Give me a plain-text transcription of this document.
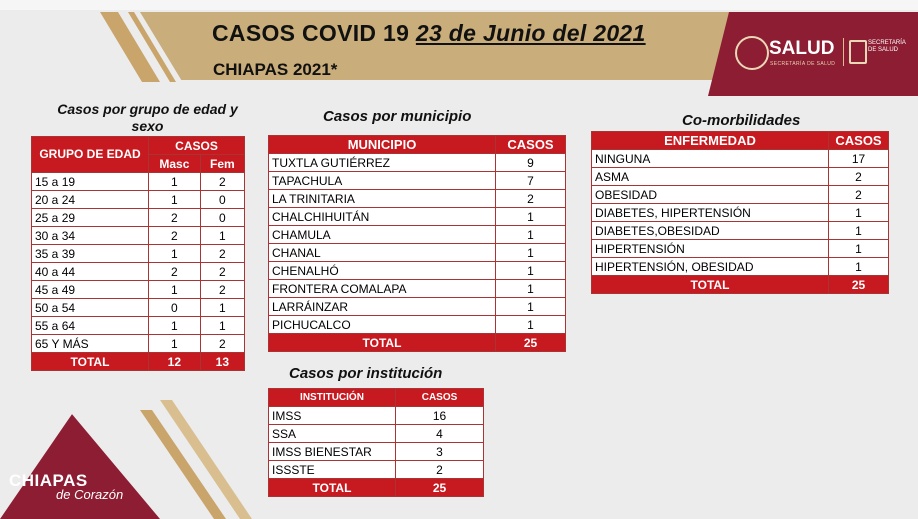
CASOS COVID 19 23 de Junio del 2021
CHIAPAS 2021*
SALUD
SECRETARÍA DE SALUD
SECRETARÍA DE SALUD
Casos por grupo de edad y sexo
GRUPO DE EDAD	CASOS	
	Masc	Fem
15 a 19	1	2
20 a 24	1	0
25 a 29	2	0
30 a 34	2	1
35 a 39	1	2
40 a 44	2	2
45 a 49	1	2
50 a 54	0	1
55 a 64	1	1
65 Y MÁS	1	2
TOTAL	12	13
Casos por municipio
MUNICIPIO	CASOS
TUXTLA GUTIÉRREZ	9
TAPACHULA	7
LA TRINITARIA	2
CHALCHIHUITÁN	1
CHAMULA	1
CHANAL	1
CHENALHÓ	1
FRONTERA COMALAPA	1
LARRÁINZAR	1
PICHUCALCO	1
TOTAL	25
Casos por institución
INSTITUCIÓN	CASOS
IMSS	16
SSA	4
IMSS BIENESTAR	3
ISSSTE	2
TOTAL	25
Co-morbilidades
ENFERMEDAD	CASOS
NINGUNA	17
ASMA	2
OBESIDAD	2
DIABETES, HIPERTENSIÓN	1
DIABETES,OBESIDAD	1
HIPERTENSIÓN	1
HIPERTENSIÓN, OBESIDAD	1
TOTAL	25
CHIAPAS
de Corazón
